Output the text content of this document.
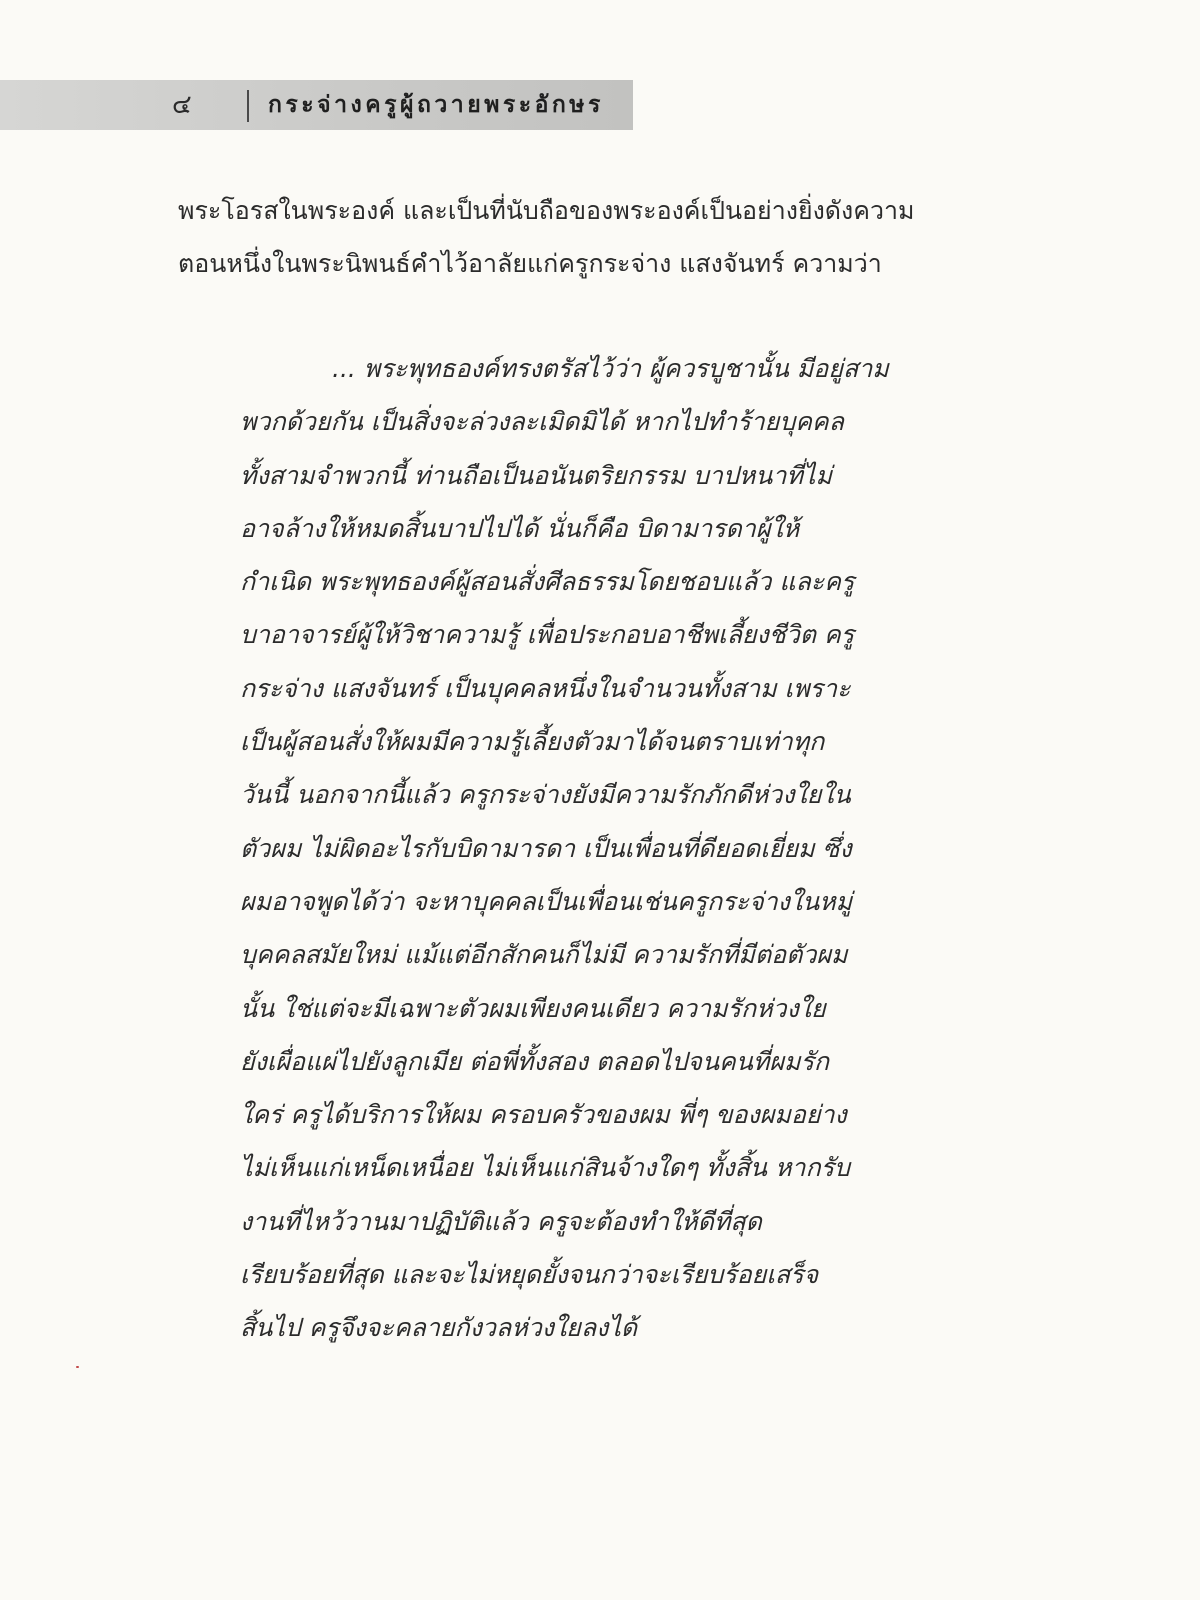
๔	กระจ่างครูผู้ถวายพระอักษร
พระโอรสในพระองค์ และเป็นที่นับถือของพระองค์เป็นอย่างยิ่งดังความ
ตอนหนึ่งในพระนิพนธ์คำไว้อาลัยแก่ครูกระจ่าง แสงจันทร์ ความว่า
... พระพุทธองค์ทรงตรัสไว้ว่า ผู้ควรบูชานั้น มีอยู่สาม
พวกด้วยกัน เป็นสิ่งจะล่วงละเมิดมิได้ หากไปทำร้ายบุคคล
ทั้งสามจำพวกนี้ ท่านถือเป็นอนันตริยกรรม บาปหนาที่ไม่
อาจล้างให้หมดสิ้นบาปไปได้ นั่นก็คือ บิดามารดาผู้ให้
กำเนิด พระพุทธองค์ผู้สอนสั่งศีลธรรมโดยชอบแล้ว และครู
บาอาจารย์ผู้ให้วิชาความรู้ เพื่อประกอบอาชีพเลี้ยงชีวิต ครู
กระจ่าง แสงจันทร์ เป็นบุคคลหนึ่งในจำนวนทั้งสาม เพราะ
เป็นผู้สอนสั่งให้ผมมีความรู้เลี้ยงตัวมาได้จนตราบเท่าทุก
วันนี้ นอกจากนี้แล้ว ครูกระจ่างยังมีความรักภักดีห่วงใยใน
ตัวผม ไม่ผิดอะไรกับบิดามารดา เป็นเพื่อนที่ดียอดเยี่ยม ซึ่ง
ผมอาจพูดได้ว่า จะหาบุคคลเป็นเพื่อนเช่นครูกระจ่างในหมู่
บุคคลสมัยใหม่ แม้แต่อีกสักคนก็ไม่มี ความรักที่มีต่อตัวผม
นั้น ใช่แต่จะมีเฉพาะตัวผมเพียงคนเดียว ความรักห่วงใย
ยังเผื่อแผ่ไปยังลูกเมีย ต่อพี่ทั้งสอง ตลอดไปจนคนที่ผมรัก
ใคร่ ครูได้บริการให้ผม ครอบครัวของผม พี่ๆ ของผมอย่าง
ไม่เห็นแก่เหน็ดเหนื่อย ไม่เห็นแก่สินจ้างใดๆ ทั้งสิ้น หากรับ
งานที่ไหว้วานมาปฏิบัติแล้ว ครูจะต้องทำให้ดีที่สุด
เรียบร้อยที่สุด และจะไม่หยุดยั้งจนกว่าจะเรียบร้อยเสร็จ
สิ้นไป ครูจึงจะคลายกังวลห่วงใยลงได้
